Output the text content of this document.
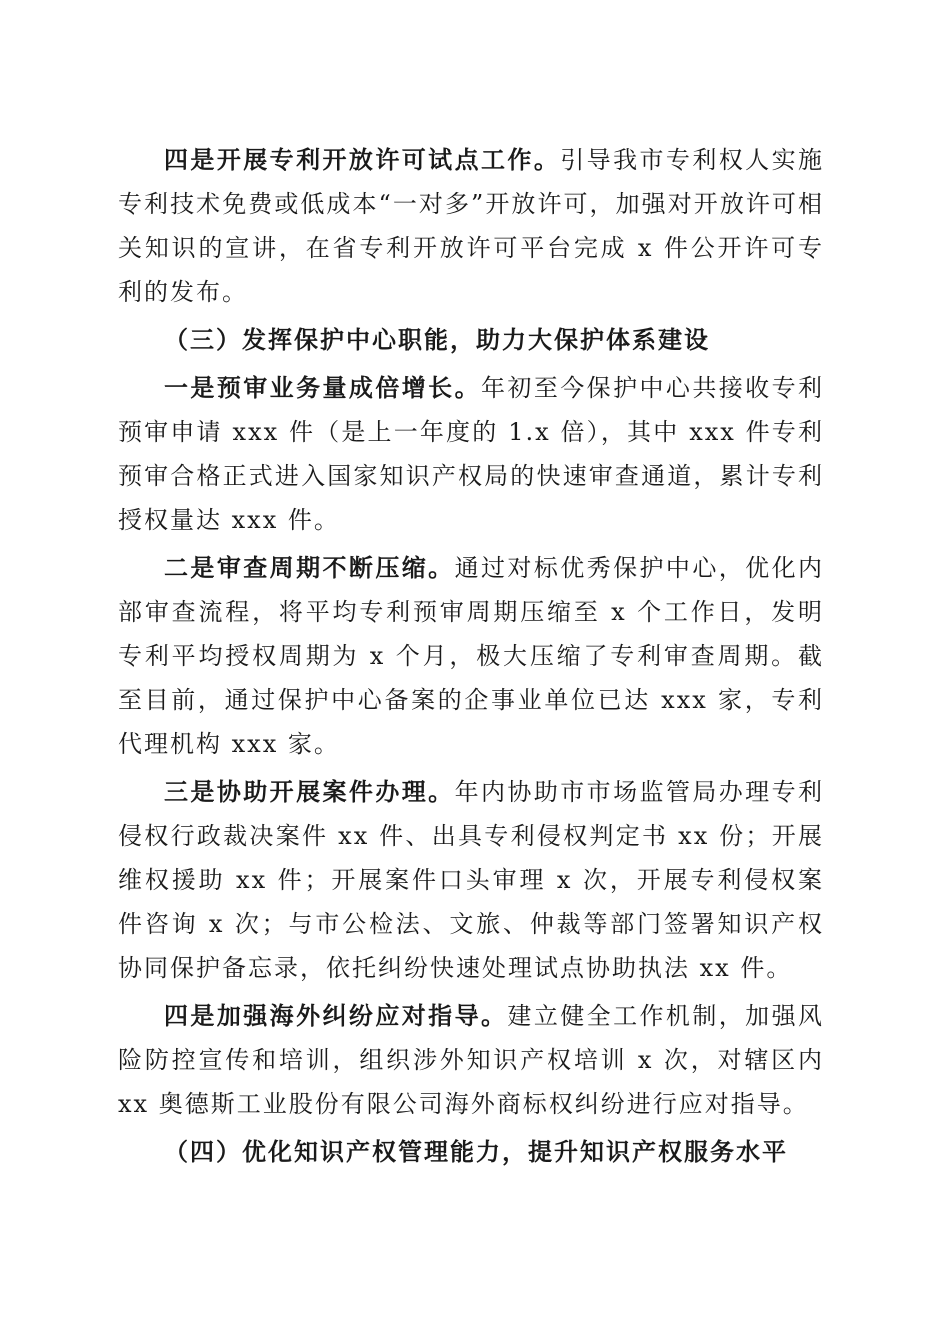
四是开展专利开放许可试点工作。引导我市专利权人实施专利技术免费或低成本“一对多”开放许可，加强对开放许可相关知识的宣讲，在省专利开放许可平台完成 x 件公开许可专利的发布。

（三）发挥保护中心职能，助力大保护体系建设

一是预审业务量成倍增长。年初至今保护中心共接收专利预审申请 xxx 件（是上一年度的 1.x 倍），其中 xxx 件专利预审合格正式进入国家知识产权局的快速审查通道，累计专利授权量达 xxx 件。

二是审查周期不断压缩。通过对标优秀保护中心，优化内部审查流程，将平均专利预审周期压缩至 x 个工作日，发明专利平均授权周期为 x 个月，极大压缩了专利审查周期。截至目前，通过保护中心备案的企事业单位已达 xxx 家，专利代理机构 xxx 家。

三是协助开展案件办理。年内协助市市场监管局办理专利侵权行政裁决案件 xx 件、出具专利侵权判定书 xx 份；开展维权援助 xx 件；开展案件口头审理 x 次，开展专利侵权案件咨询 x 次；与市公检法、文旅、仲裁等部门签署知识产权协同保护备忘录，依托纠纷快速处理试点协助执法 xx 件。

四是加强海外纠纷应对指导。建立健全工作机制，加强风险防控宣传和培训，组织涉外知识产权培训 x 次，对辖区内 xx 奥德斯工业股份有限公司海外商标权纠纷进行应对指导。

（四）优化知识产权管理能力，提升知识产权服务水平
